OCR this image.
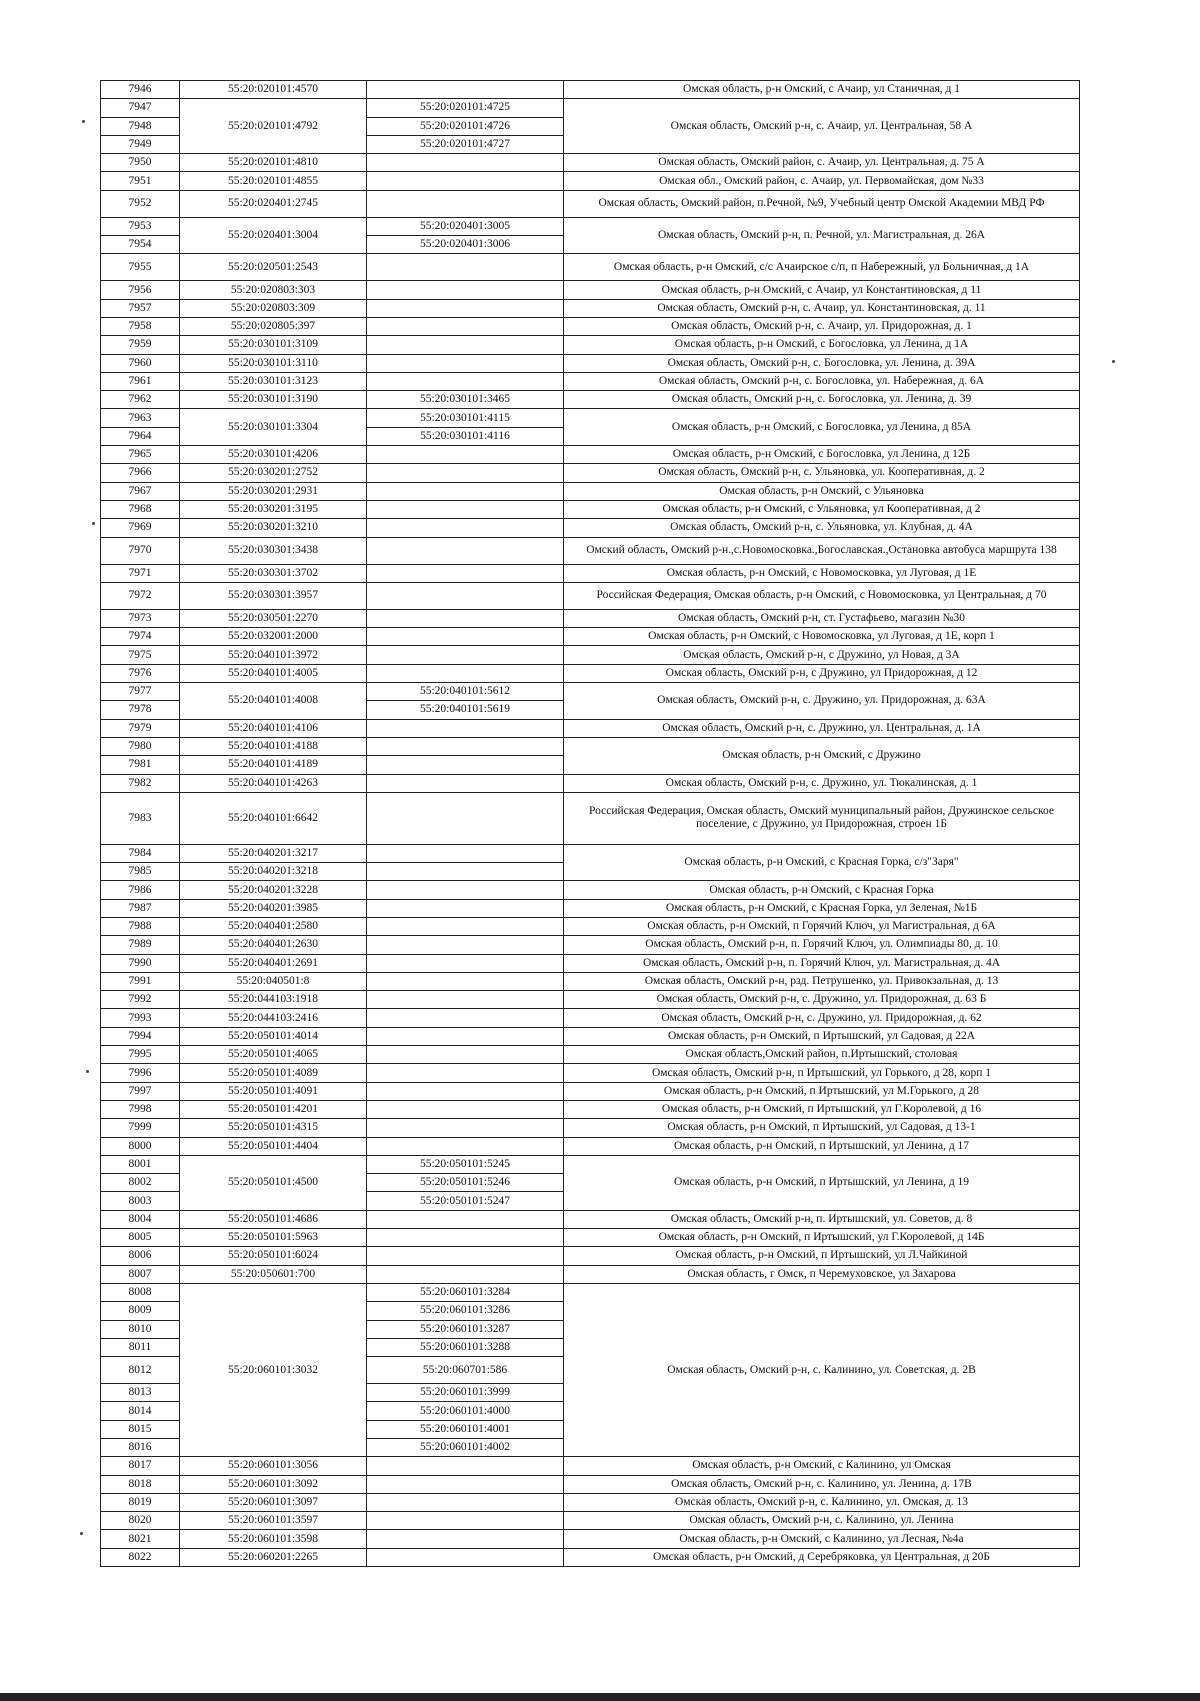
7946	55:20:020101:4570		Омская область, р-н Омский, с Ачаир, ул Станичная, д 1
7947	55:20:020101:4792	55:20:020101:4725	Омская область, Омский р-н, с. Ачаир, ул. Центральная, 58 А
7948		55:20:020101:4726	
7949		55:20:020101:4727	
7950	55:20:020101:4810		Омская область, Омский район, с. Ачаир, ул. Центральная, д. 75 А
7951	55:20:020101:4855		Омская обл., Омский район, с. Ачаир, ул. Первомайская, дом №33
7952	55:20:020401:2745		Омская область, Омский район, п.Речной, №9, Учебный центр Омской Академии МВД РФ
7953	55:20:020401:3004	55:20:020401:3005	Омская область, Омский р-н, п. Речной, ул. Магистральная, д. 26А
7954		55:20:020401:3006	
7955	55:20:020501:2543		Омская область, р-н Омский, с/с Ачаирское с/п, п Набережный, ул Больничная, д 1А
7956	55:20:020803:303		Омская область, р-н Омский, с Ачаир, ул Константиновская, д 11
7957	55:20:020803:309		Омская область, Омский р-н, с. Ачаир, ул. Константиновская, д. 11
7958	55:20:020805:397		Омская область, Омский р-н, с. Ачаир, ул. Придорожная, д. 1
7959	55:20:030101:3109		Омская область, р-н Омский, с Богословка, ул Ленина, д 1А
7960	55:20:030101:3110		Омская область, Омский р-н, с. Богословка, ул. Ленина, д. 39А
7961	55:20:030101:3123		Омская область, Омский р-н, с. Богословка, ул. Набережная, д. 6А
7962	55:20:030101:3190	55:20:030101:3465	Омская область, Омский р-н, с. Богословка, ул. Ленина, д. 39
7963	55:20:030101:3304	55:20:030101:4115	Омская область, р-н Омский, с Богословка, ул Ленина, д 85А
7964		55:20:030101:4116	
7965	55:20:030101:4206		Омская область, р-н Омский, с Богословка, ул Ленина, д 12Б
7966	55:20:030201:2752		Омская область, Омский р-н, с. Ульяновка, ул. Кооперативная, д. 2
7967	55:20:030201:2931		Омская область, р-н Омский, с Ульяновка
7968	55:20:030201:3195		Омская область, р-н Омский, с Ульяновка, ул Кооперативная, д 2
7969	55:20:030201:3210		Омская область, Омский р-н, с. Ульяновка, ул. Клубная, д. 4А
7970	55:20:030301:3438		Омский область, Омский р-н.,с.Новомосковка.,Богославская.,Остановка автобуса маршрута 138
7971	55:20:030301:3702		Омская область, р-н Омский, с Новомосковка, ул Луговая, д 1Е
7972	55:20:030301:3957		Российская Федерация, Омская область, р-н Омский, с Новомосковка, ул Центральная, д 70
7973	55:20:030501:2270		Омская область, Омский р-н, ст. Густафьево, магазин №30
7974	55:20:032001:2000		Омская область, р-н Омский, с Новомосковка, ул Луговая, д 1Е, корп 1
7975	55:20:040101:3972		Омская область, Омский р-н, с Дружино, ул Новая, д 3А
7976	55:20:040101:4005		Омская область, Омский р-н, с Дружино, ул Придорожная, д 12
7977	55:20:040101:4008	55:20:040101:5612	Омская область, Омский р-н, с. Дружино, ул. Придорожная, д. 63А
7978		55:20:040101:5619	
7979	55:20:040101:4106		Омская область, Омский р-н, с. Дружино, ул. Центральная, д. 1А
7980	55:20:040101:4188		Омская область, р-н Омский, с Дружино
7981	55:20:040101:4189		
7982	55:20:040101:4263		Омская область, Омский р-н, с. Дружино, ул. Тюкалинская, д. 1
7983	55:20:040101:6642		Российская Федерация, Омская область, Омский муниципальный район, Дружинское сельское поселение, с Дружино, ул Придорожная, строен 1Б
7984	55:20:040201:3217		Омская область, р-н Омский, с Красная Горка, с/з"Заря"
7985	55:20:040201:3218		
7986	55:20:040201:3228		Омская область, р-н Омский, с Красная Горка
7987	55:20:040201:3985		Омская область, р-н Омский, с Красная Горка, ул Зеленая, №1Б
7988	55:20:040401:2580		Омская область, р-н Омский, п Горячий Ключ, ул Магистральная, д 6А
7989	55:20:040401:2630		Омская область, Омский р-н, п. Горячий Ключ, ул. Олимпиады 80, д. 10
7990	55:20:040401:2691		Омская область, Омский р-н, п. Горячий Ключ, ул. Магистральная, д. 4А
7991	55:20:040501:8		Омская область, Омский р-н, рзд. Петрушенко, ул. Привокзальная, д. 13
7992	55:20:044103:1918		Омская область, Омский р-н, с. Дружино, ул. Придорожная, д. 63 Б
7993	55:20:044103:2416		Омская область, Омский р-н, с. Дружино, ул. Придорожная, д. 62
7994	55:20:050101:4014		Омская область, р-н Омский, п Иртышский, ул Садовая, д 22А
7995	55:20:050101:4065		Омская область,Омский район, п.Иртышский, столовая
7996	55:20:050101:4089		Омская область, Омский р-н, п Иртышский, ул Горького, д 28, корп 1
7997	55:20:050101:4091		Омская область, р-н Омский, п Иртышский, ул М.Горького, д 28
7998	55:20:050101:4201		Омская область, р-н Омский, п Иртышский, ул Г.Королевой, д 16
7999	55:20:050101:4315		Омская область, р-н Омский, п Иртышский, ул Садовая, д 13-1
8000	55:20:050101:4404		Омская область, р-н Омский, п Иртышский, ул Ленина, д 17
8001	55:20:050101:4500	55:20:050101:5245	Омская область, р-н Омский, п Иртышский, ул Ленина, д 19
8002		55:20:050101:5246	
8003		55:20:050101:5247	
8004	55:20:050101:4686		Омская область, Омский р-н, п. Иртышский, ул. Советов, д. 8
8005	55:20:050101:5963		Омская область, р-н Омский, п Иртышский, ул Г.Королевой, д 14Б
8006	55:20:050101:6024		Омская область, р-н Омский, п Иртышский, ул Л.Чайкиной
8007	55:20:050601:700		Омская область, г Омск, п Черемуховское, ул Захарова
8008	55:20:060101:3032	55:20:060101:3284	Омская область, Омский р-н, с. Калинино, ул. Советская, д. 2В
8009		55:20:060101:3286	
8010		55:20:060101:3287	
8011		55:20:060101:3288	
8012		55:20:060701:586	
8013		55:20:060101:3999	
8014		55:20:060101:4000	
8015		55:20:060101:4001	
8016		55:20:060101:4002	
8017	55:20:060101:3056		Омская область, р-н Омский, с Калинино, ул Омская
8018	55:20:060101:3092		Омская область, Омский р-н, с. Калинино, ул. Ленина, д. 17В
8019	55:20:060101:3097		Омская область, Омский р-н, с. Калинино, ул. Омская, д. 13
8020	55:20:060101:3597		Омская область, Омский р-н, с. Калинино, ул. Ленина
8021	55:20:060101:3598		Омская область, р-н Омский, с Калинино, ул Лесная, №4а
8022	55:20:060201:2265		Омская область, р-н Омский, д Серебряковка, ул Центральная, д 20Б
